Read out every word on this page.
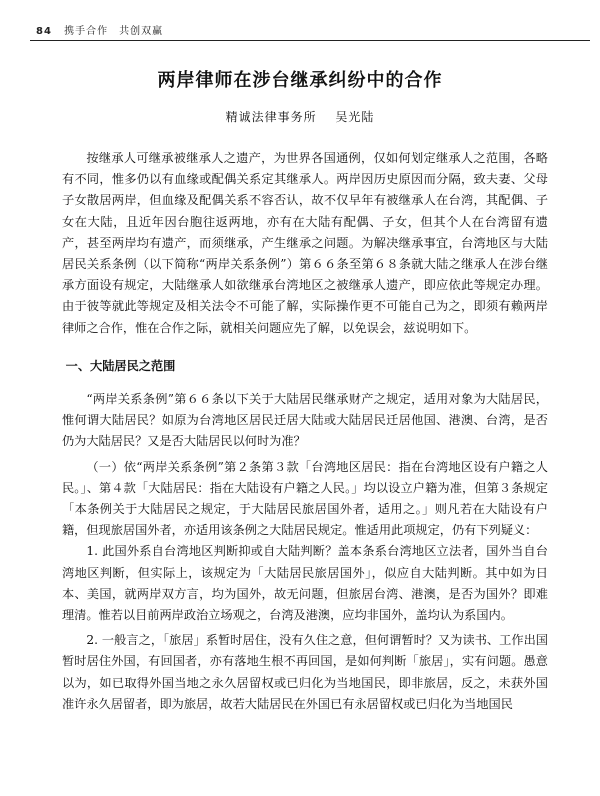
84 携手合作　共创双赢
两岸律师在涉台继承纠纷中的合作
精诚法律事务所 吴光陆

按继承人可继承被继承人之遗产，为世界各国通例，仅如何划定继承人之范围，各略有不同，惟多仍以有血缘或配偶关系定其继承人。两岸因历史原因而分隔，致夫妻、父母子女散居两岸，但血缘及配偶关系不容否认，故不仅早年有被继承人在台湾，其配偶、子女在大陆，且近年因台胞往返两地，亦有在大陆有配偶、子女，但其个人在台湾留有遗产，甚至两岸均有遗产，而须继承，产生继承之问题。为解决继承事宜，台湾地区与大陆居民关系条例（以下简称“两岸关系条例”）第６６条至第６８条就大陆之继承人在涉台继承方面设有规定，大陆继承人如欲继承台湾地区之被继承人遗产，即应依此等规定办理。由于彼等就此等规定及相关法令不可能了解，实际操作更不可能自己为之，即须有赖两岸律师之合作，惟在合作之际，就相关问题应先了解，以免误会，兹说明如下。

一、大陆居民之范围

“两岸关系条例”第６６条以下关于大陆居民继承财产之规定，适用对象为大陆居民，惟何谓大陆居民？如原为台湾地区居民迁居大陆或大陆居民迁居他国、港澳、台湾，是否仍为大陆居民？又是否大陆居民以何时为准？

（一）依“两岸关系条例”第２条第３款「台湾地区居民：指在台湾地区设有户籍之人民。」、第４款「大陆居民：指在大陆设有户籍之人民。」均以设立户籍为准，但第３条规定「本条例关于大陆居民之规定，于大陆居民旅居国外者，适用之。」则凡若在大陆设有户籍，但现旅居国外者，亦适用该条例之大陆居民规定。惟适用此项规定，仍有下列疑义：

1. 此国外系自台湾地区判断抑或自大陆判断？盖本条系台湾地区立法者，国外当自台湾地区判断，但实际上，该规定为「大陆居民旅居国外」，似应自大陆判断。其中如为日本、美国，就两岸双方言，均为国外，故无问题，但旅居台湾、港澳，是否为国外？即难理清。惟若以目前两岸政治立场观之，台湾及港澳，应均非国外，盖均认为系国内。

2. 一般言之，「旅居」系暂时居住，没有久住之意，但何谓暂时？又为读书、工作出国暂时居住外国，有回国者，亦有落地生根不再回国，是如何判断「旅居」，实有问题。愚意以为，如已取得外国当地之永久居留权或已归化为当地国民，即非旅居，反之，未获外国准许永久居留者，即为旅居，故若大陆居民在外国已有永居留权或已归化为当地国民
